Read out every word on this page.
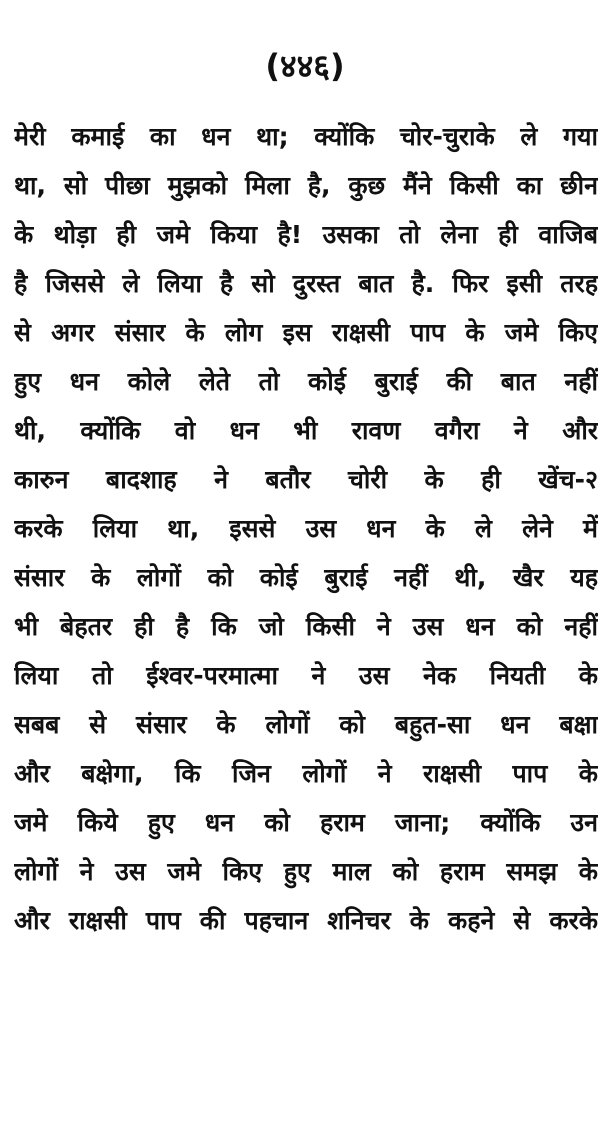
(४४६)
मेरी कमाई का धन था; क्योंकि चोर-चुराके ले गया
था, सो पीछा मुझको मिला है, कुछ मैंने किसी का छीन
के थोड़ा ही जमे किया है! उसका तो लेना ही वाजिब
है जिससे ले लिया है सो दुरस्त बात है. फिर इसी तरह
से अगर संसार के लोग इस राक्षसी पाप के जमे किए
हुए धन कोले लेते तो कोई बुराई की बात नहीं
थी, क्योंकि वो धन भी रावण वगैरा ने और
कारुन बादशाह ने बतौर चोरी के ही खेंच-२
करके लिया था, इससे उस धन के ले लेने में
संसार के लोगों को कोई बुराई नहीं थी, खैर यह
भी बेहतर ही है कि जो किसी ने उस धन को नहीं
लिया तो ईश्वर-परमात्मा ने उस नेक नियती के
सबब से संसार के लोगों को बहुत-सा धन बक्षा
और बक्षेगा, कि जिन लोगों ने राक्षसी पाप के
जमे किये हुए धन को हराम जाना; क्योंकि उन
लोगों ने उस जमे किए हुए माल को हराम समझ के
और राक्षसी पाप की पहचान शनिचर के कहने से करके
